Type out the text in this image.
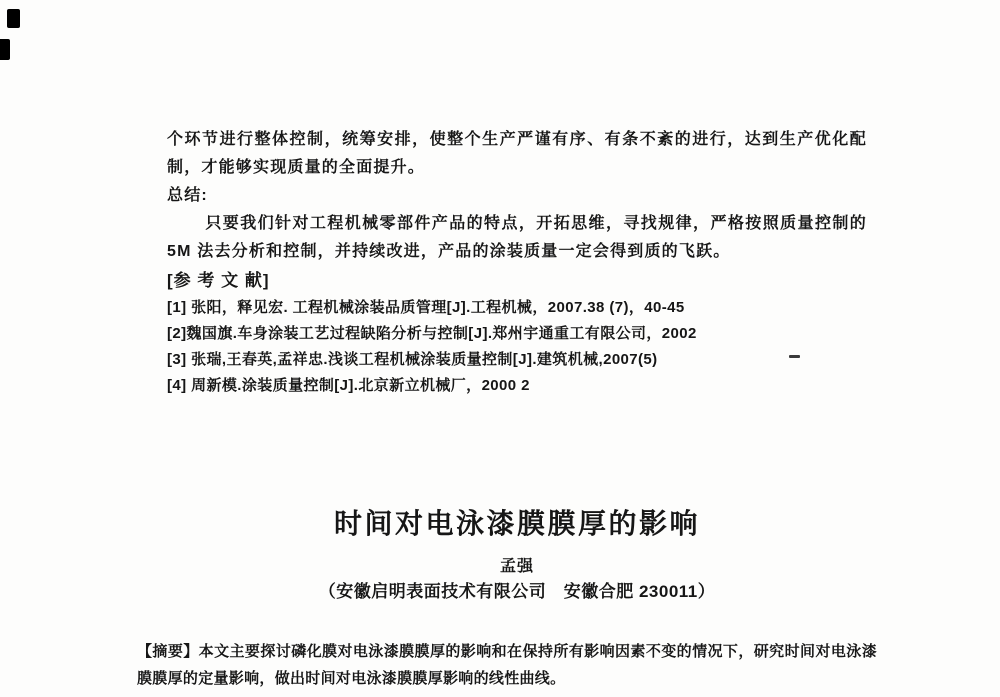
个环节进行整体控制，统筹安排，使整个生产严谨有序、有条不紊的进行，达到生产优化配制，才能够实现质量的全面提升。

总结:

只要我们针对工程机械零部件产品的特点，开拓思维，寻找规律，严格按照质量控制的5M 法去分析和控制，并持续改进，产品的涂装质量一定会得到质的飞跃。

[参 考 文 献]
[1] 张阳，释见宏. 工程机械涂装品质管理[J].工程机械，2007.38 (7)，40-45
[2]魏国旗.车身涂装工艺过程缺陷分析与控制[J].郑州宇通重工有限公司，2002
[3] 张瑞,王春英,孟祥忠.浅谈工程机械涂装质量控制[J].建筑机械,2007(5)
[4] 周新模.涂装质量控制[J].北京新立机械厂，2000 2
时间对电泳漆膜膜厚的影响
孟强
（安徽启明表面技术有限公司　安徽合肥 230011）

【摘要】本文主要探讨磷化膜对电泳漆膜膜厚的影响和在保持所有影响因素不变的情况下，研究时间对电泳漆膜膜厚的定量影响，做出时间对电泳漆膜膜厚影响的线性曲线。
